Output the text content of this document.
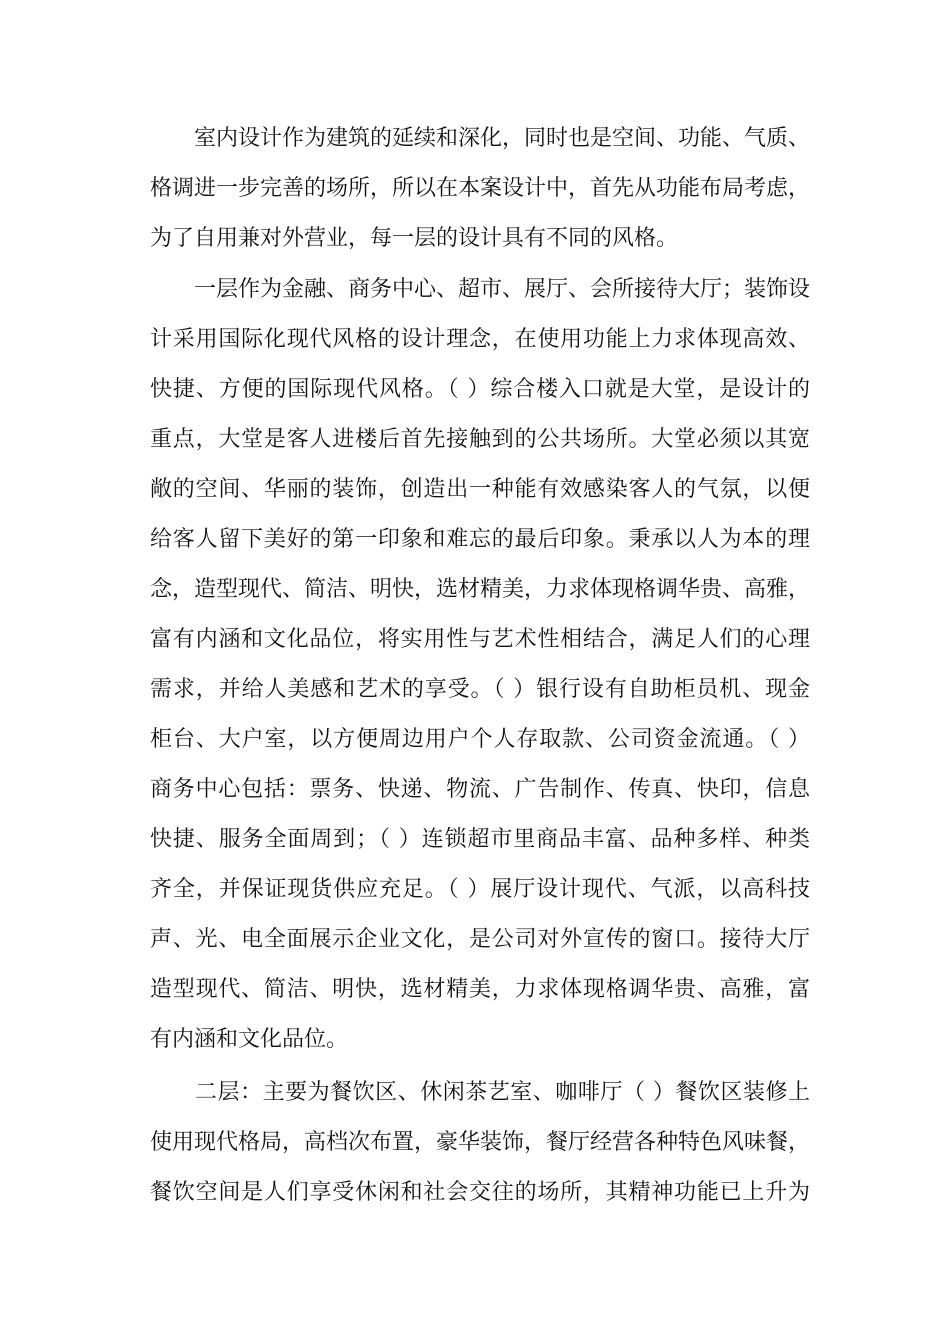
　　室内设计作为建筑的延续和深化，同时也是空间、功能、气质、
格调进一步完善的场所，所以在本案设计中，首先从功能布局考虑，
为了自用兼对外营业，每一层的设计具有不同的风格。
　　一层作为金融、商务中心、超市、展厅、会所接待大厅；装饰设
计采用国际化现代风格的设计理念，在使用功能上力求体现高效、
快捷、方便的国际现代风格。（ ）综合楼入口就是大堂，是设计的
重点，大堂是客人进楼后首先接触到的公共场所。大堂必须以其宽
敞的空间、华丽的装饰，创造出一种能有效感染客人的气氛，以便
给客人留下美好的第一印象和难忘的最后印象。秉承以人为本的理
念，造型现代、简洁、明快，选材精美，力求体现格调华贵、高雅，
富有内涵和文化品位，将实用性与艺术性相结合，满足人们的心理
需求，并给人美感和艺术的享受。（ ）银行设有自助柜员机、现金
柜台、大户室，以方便周边用户个人存取款、公司资金流通。（ ）
商务中心包括：票务、快递、物流、广告制作、传真、快印，信息
快捷、服务全面周到；（ ）连锁超市里商品丰富、品种多样、种类
齐全，并保证现货供应充足。（ ）展厅设计现代、气派，以高科技
声、光、电全面展示企业文化，是公司对外宣传的窗口。接待大厅
造型现代、简洁、明快，选材精美，力求体现格调华贵、高雅，富
有内涵和文化品位。
　　二层：主要为餐饮区、休闲茶艺室、咖啡厅（ ）餐饮区装修上
使用现代格局，高档次布置，豪华装饰，餐厅经营各种特色风味餐，
餐饮空间是人们享受休闲和社会交往的场所，其精神功能已上升为
